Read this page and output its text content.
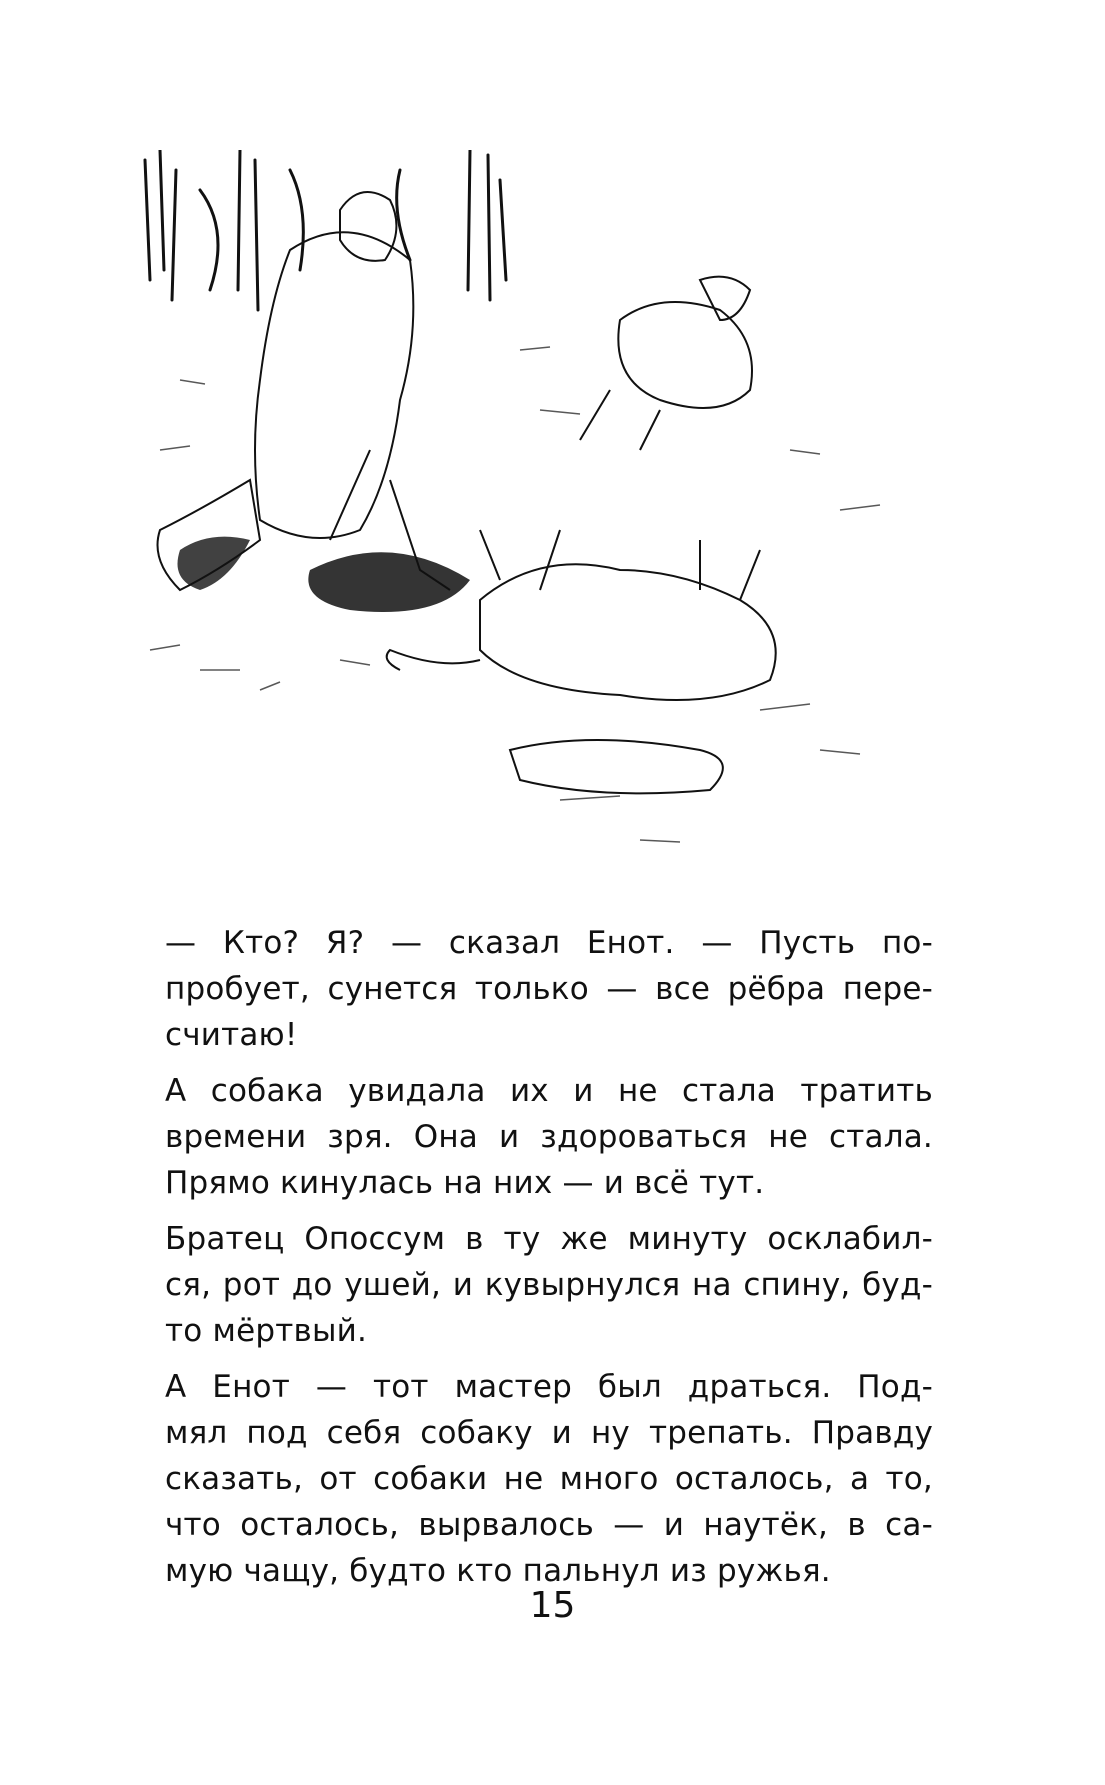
— Кто? Я? — сказал Енот. — Пусть по-
пробует, сунется только — все рёбра пере-
считаю!

А собака увидала их и не стала тратить
времени зря. Она и здороваться не стала.
Прямо кинулась на них — и всё тут.

Братец Опоссум в ту же минуту осклабил-
ся, рот до ушей, и кувырнулся на спину, буд-
то мёртвый.

А Енот — тот мастер был драться. Под-
мял под себя собаку и ну трепать. Правду
сказать, от собаки не много осталось, а то,
что осталось, вырвалось — и наутёк, в са-
мую чащу, будто кто пальнул из ружья.

15
